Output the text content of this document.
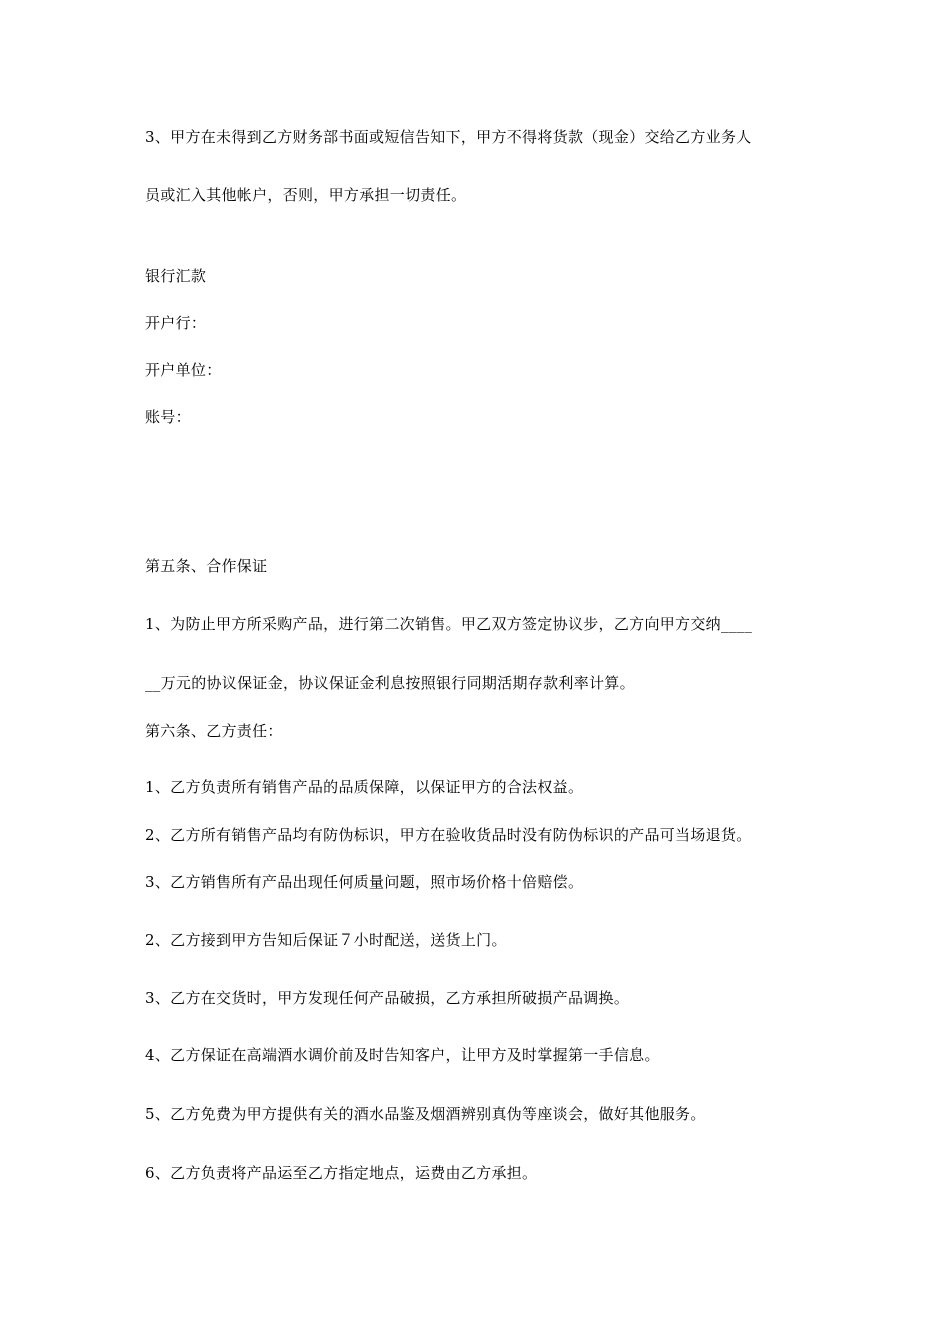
3、甲方在未得到乙方财务部书面或短信告知下，甲方不得将货款（现金）交给乙方业务人
员或汇入其他帐户，否则，甲方承担一切责任。
银行汇款
开户行：
开户单位：
账号：
第五条、合作保证
1、为防止甲方所采购产品，进行第二次销售。甲乙双方签定协议步，乙方向甲方交纳____
__万元的协议保证金，协议保证金利息按照银行同期活期存款利率计算。
第六条、乙方责任：
1、乙方负责所有销售产品的品质保障，以保证甲方的合法权益。
2、乙方所有销售产品均有防伪标识，甲方在验收货品时没有防伪标识的产品可当场退货。
3、乙方销售所有产品出现任何质量问题，照市场价格十倍赔偿。
2、乙方接到甲方告知后保证７小时配送，送货上门。
3、乙方在交货时，甲方发现任何产品破损，乙方承担所破损产品调换。
4、乙方保证在高端酒水调价前及时告知客户，让甲方及时掌握第一手信息。
5、乙方免费为甲方提供有关的酒水品鉴及烟酒辨别真伪等座谈会，做好其他服务。
6、乙方负责将产品运至乙方指定地点，运费由乙方承担。
